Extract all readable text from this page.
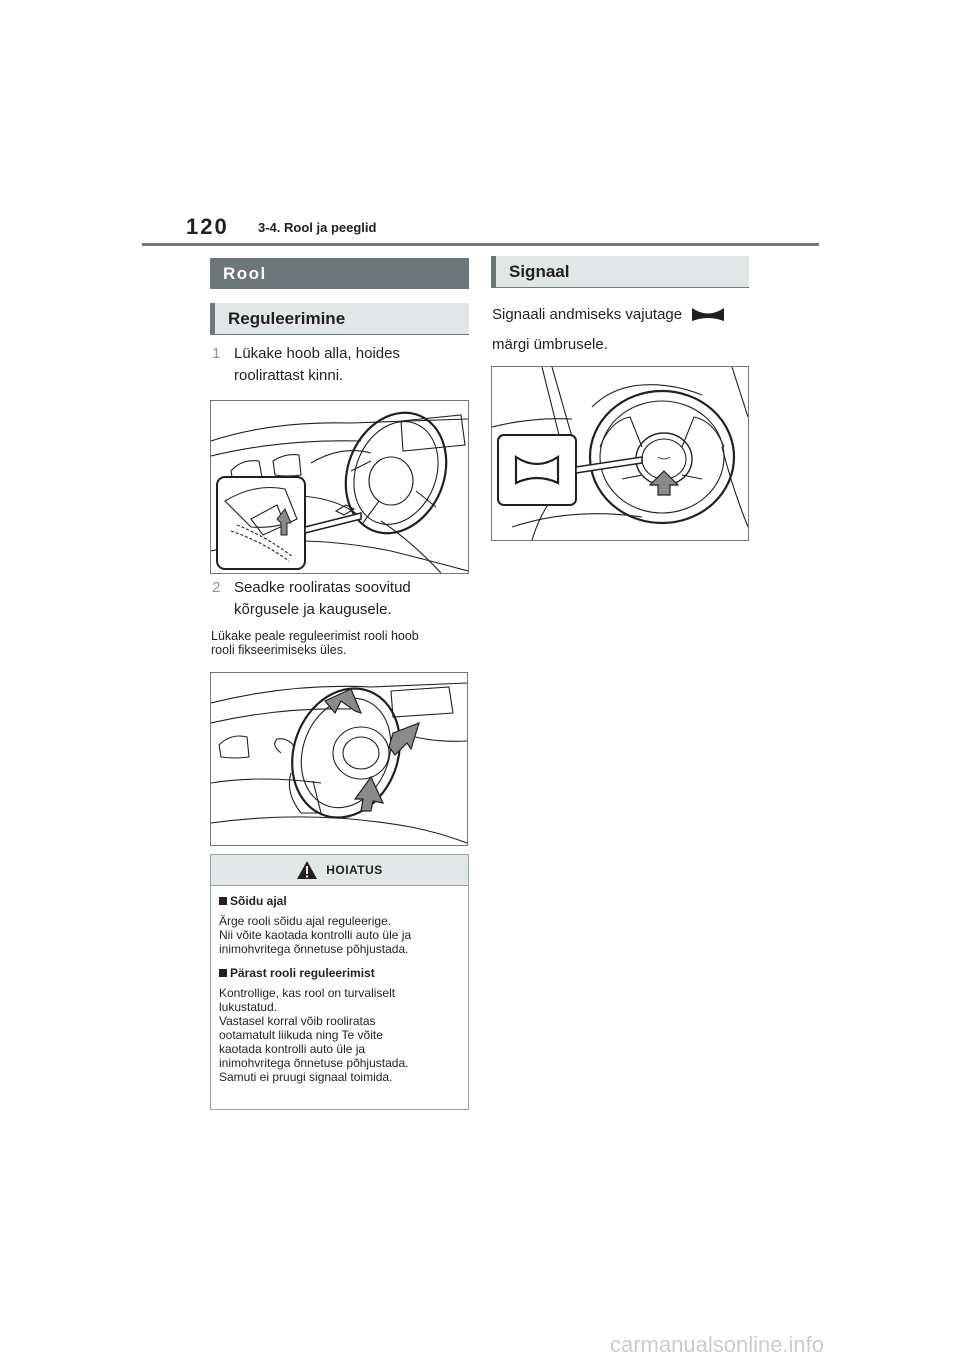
120 3-4. Rool ja peeglid
Rool
Reguleerimine
1 Lükake hoob alla, hoides
roolirattast kinni.
2 Seadke rooliratas soovitud
kõrgusele ja kaugusele.
Lükake peale reguleerimist rooli hoob
rooli fikseerimiseks üles.
HOIATUS
Sõidu ajal

Ärge rooli sõidu ajal reguleerige.
Nii võite kaotada kontrolli auto üle ja
inimohvritega õnnetuse põhjustada.

Pärast rooli reguleerimist

Kontrollige, kas rool on turvaliselt
lukustatud.
Vastasel korral võib rooliratas
ootamatult liikuda ning Te võite
kaotada kontrolli auto üle ja
inimohvritega õnnetuse põhjustada.
Samuti ei pruugi signaal toimida.

Signaal
Signaali andmiseks vajutage
märgi ümbrusele.
carmanualsonline.info
